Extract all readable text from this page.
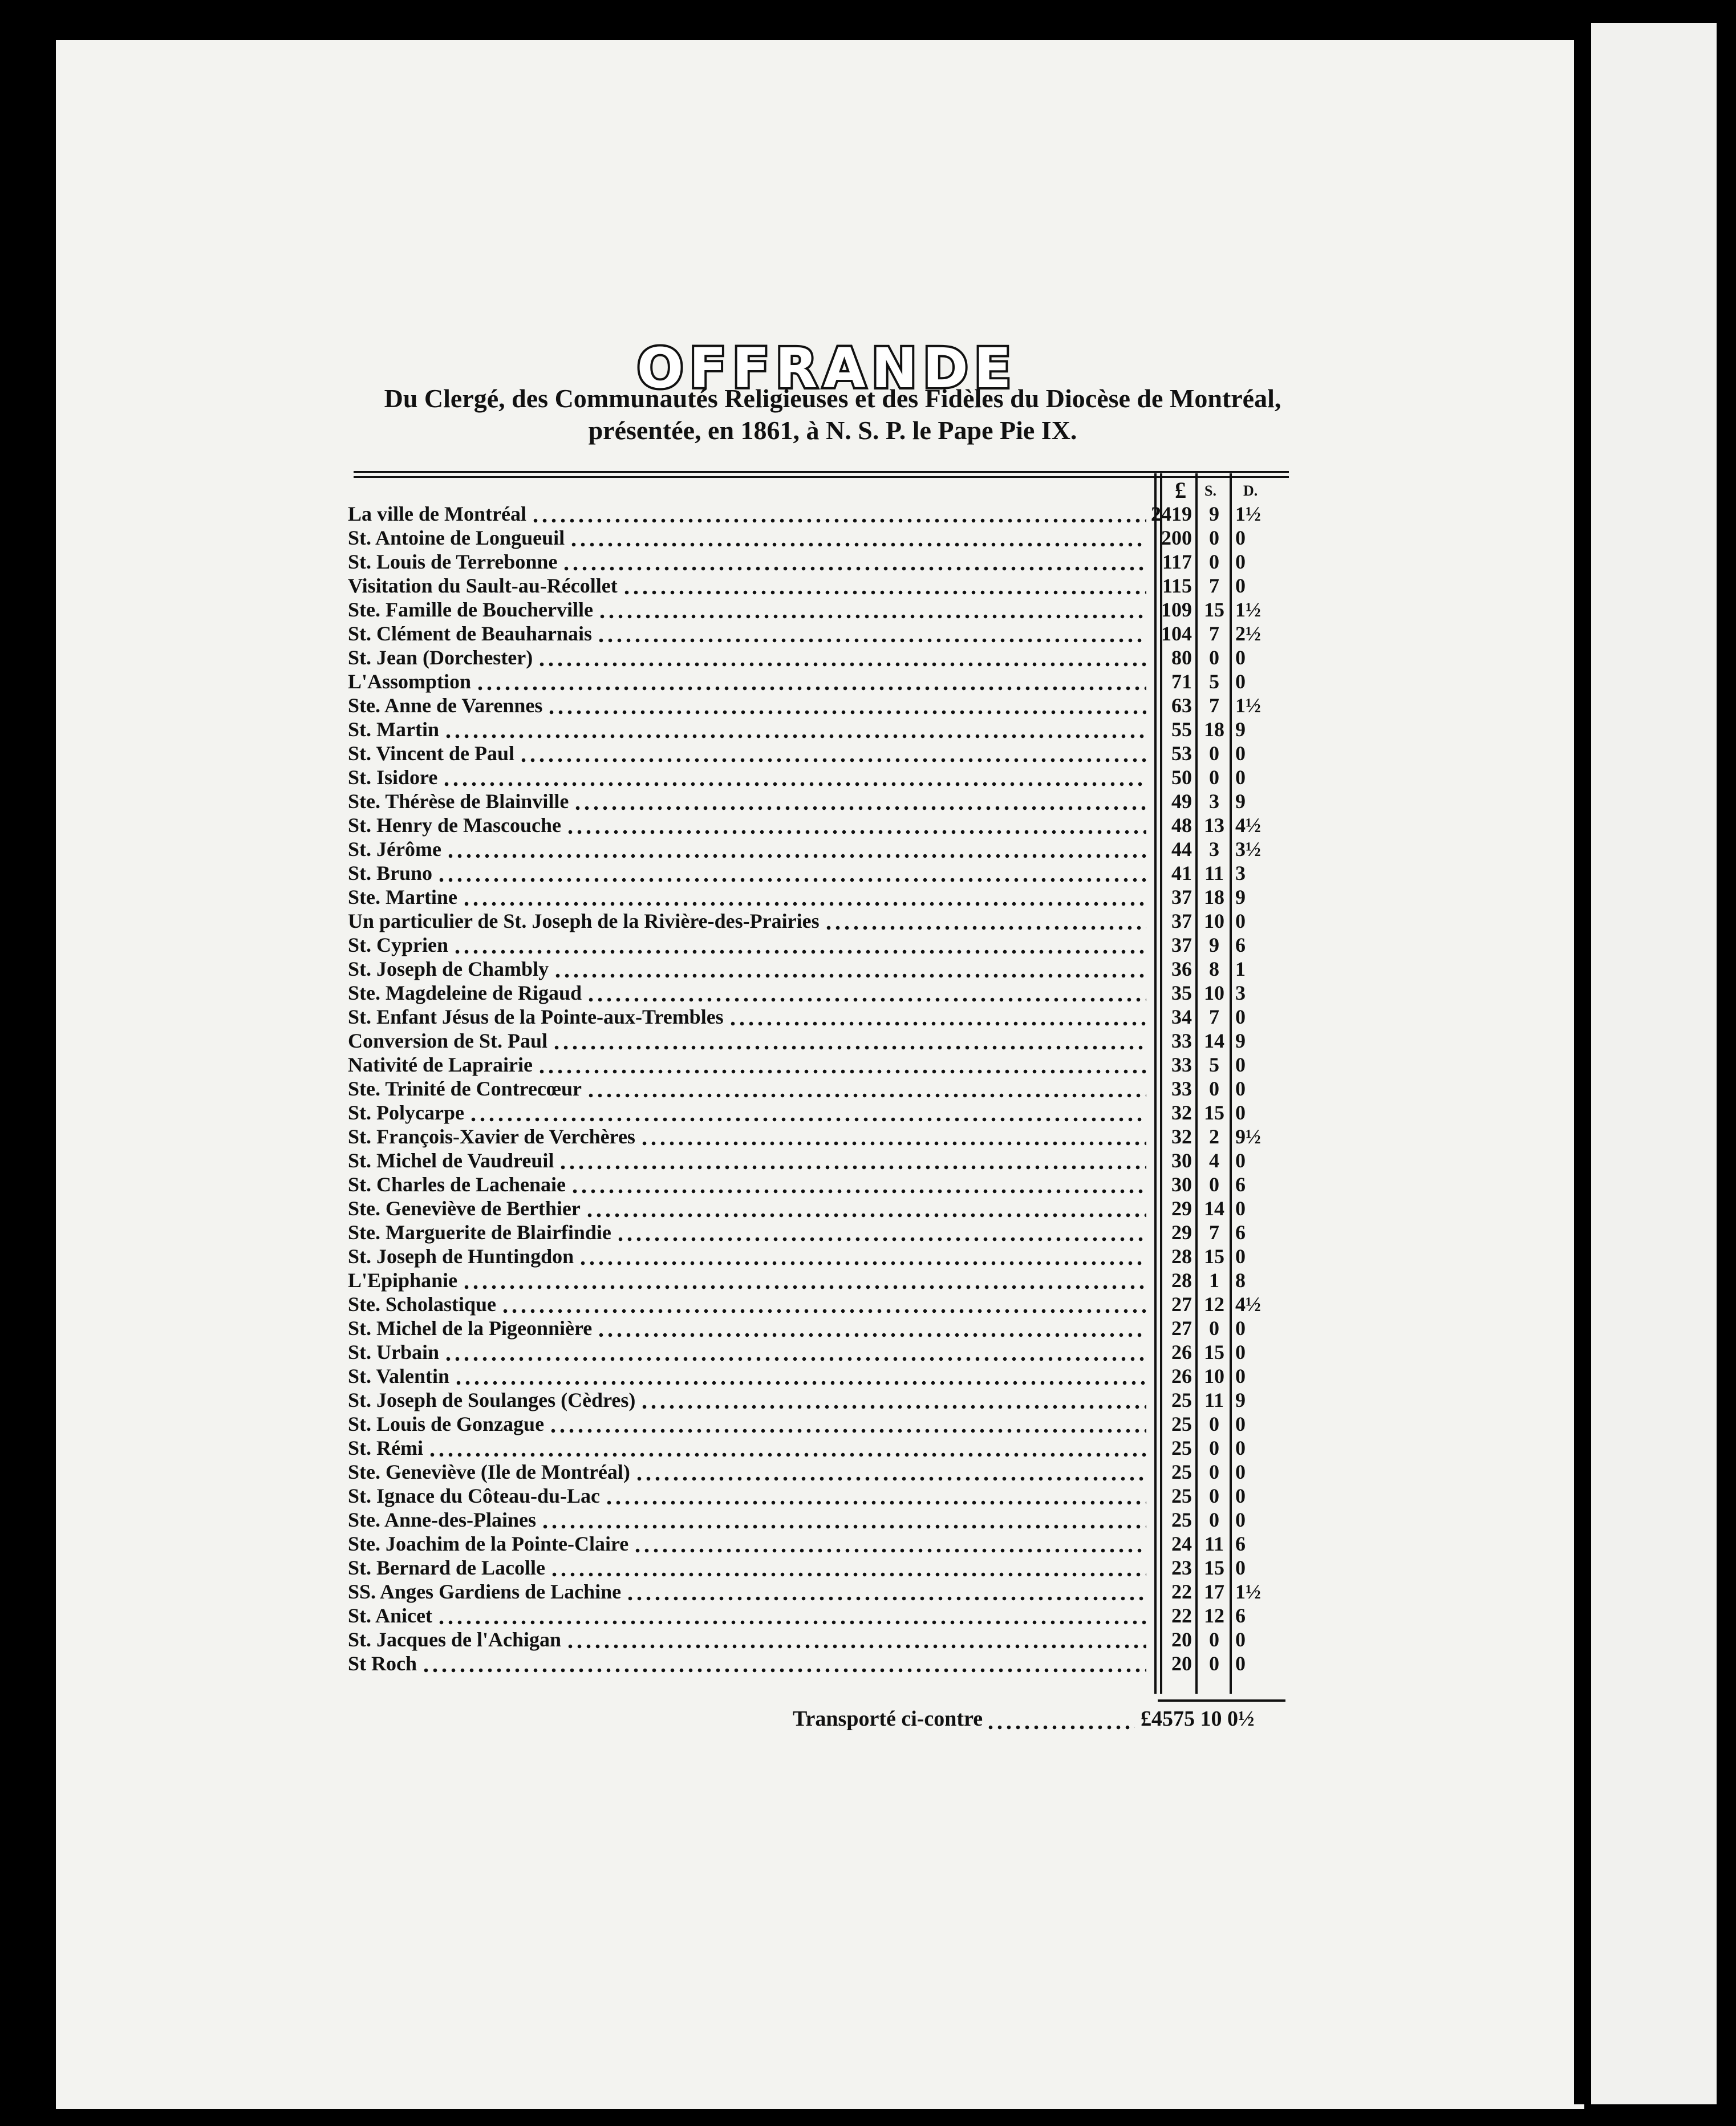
OFFRANDE
Du Clergé, des Communautés Religieuses et des Fidèles du Diocèse de Montréal,
présentée, en 1861, à N. S. P. le Pape Pie IX.
£ S. D.
La ville de Montréal	2419 9 1½
St. Antoine de Longueuil	200 0 0
St. Louis de Terrebonne	117 0 0
Visitation du Sault-au-Récollet	115 7 0
Ste. Famille de Boucherville	109 15 1½
St. Clément de Beauharnais	104 7 2½
St. Jean (Dorchester)	80 0 0
L'Assomption	71 5 0
Ste. Anne de Varennes	63 7 1½
St. Martin	55 18 9
St. Vincent de Paul	53 0 0
St. Isidore	50 0 0
Ste. Thérèse de Blainville	49 3 9
St. Henry de Mascouche	48 13 4½
St. Jérôme	44 3 3½
St. Bruno	41 11 3
Ste. Martine	37 18 9
Un particulier de St. Joseph de la Rivière-des-Prairies	37 10 0
St. Cyprien	37 9 6
St. Joseph de Chambly	36 8 1
Ste. Magdeleine de Rigaud	35 10 3
St. Enfant Jésus de la Pointe-aux-Trembles	34 7 0
Conversion de St. Paul	33 14 9
Nativité de Laprairie	33 5 0
Ste. Trinité de Contrecœur	33 0 0
St. Polycarpe	32 15 0
St. François-Xavier de Verchères	32 2 9½
St. Michel de Vaudreuil	30 4 0
St. Charles de Lachenaie	30 0 6
Ste. Geneviève de Berthier	29 14 0
Ste. Marguerite de Blairfindie	29 7 6
St. Joseph de Huntingdon	28 15 0
L'Epiphanie	28 1 8
Ste. Scholastique	27 12 4½
St. Michel de la Pigeonnière	27 0 0
St. Urbain	26 15 0
St. Valentin	26 10 0
St. Joseph de Soulanges (Cèdres)	25 11 9
St. Louis de Gonzague	25 0 0
St. Rémi	25 0 0
Ste. Geneviève (Ile de Montréal)	25 0 0
St. Ignace du Côteau-du-Lac	25 0 0
Ste. Anne-des-Plaines	25 0 0
Ste. Joachim de la Pointe-Claire	24 11 6
St. Bernard de Lacolle	23 15 0
SS. Anges Gardiens de Lachine	22 17 1½
St. Anicet	22 12 6
St. Jacques de l'Achigan	20 0 0
St Roch	20 0 0
Transporté ci-contre	£4575 10 0½
